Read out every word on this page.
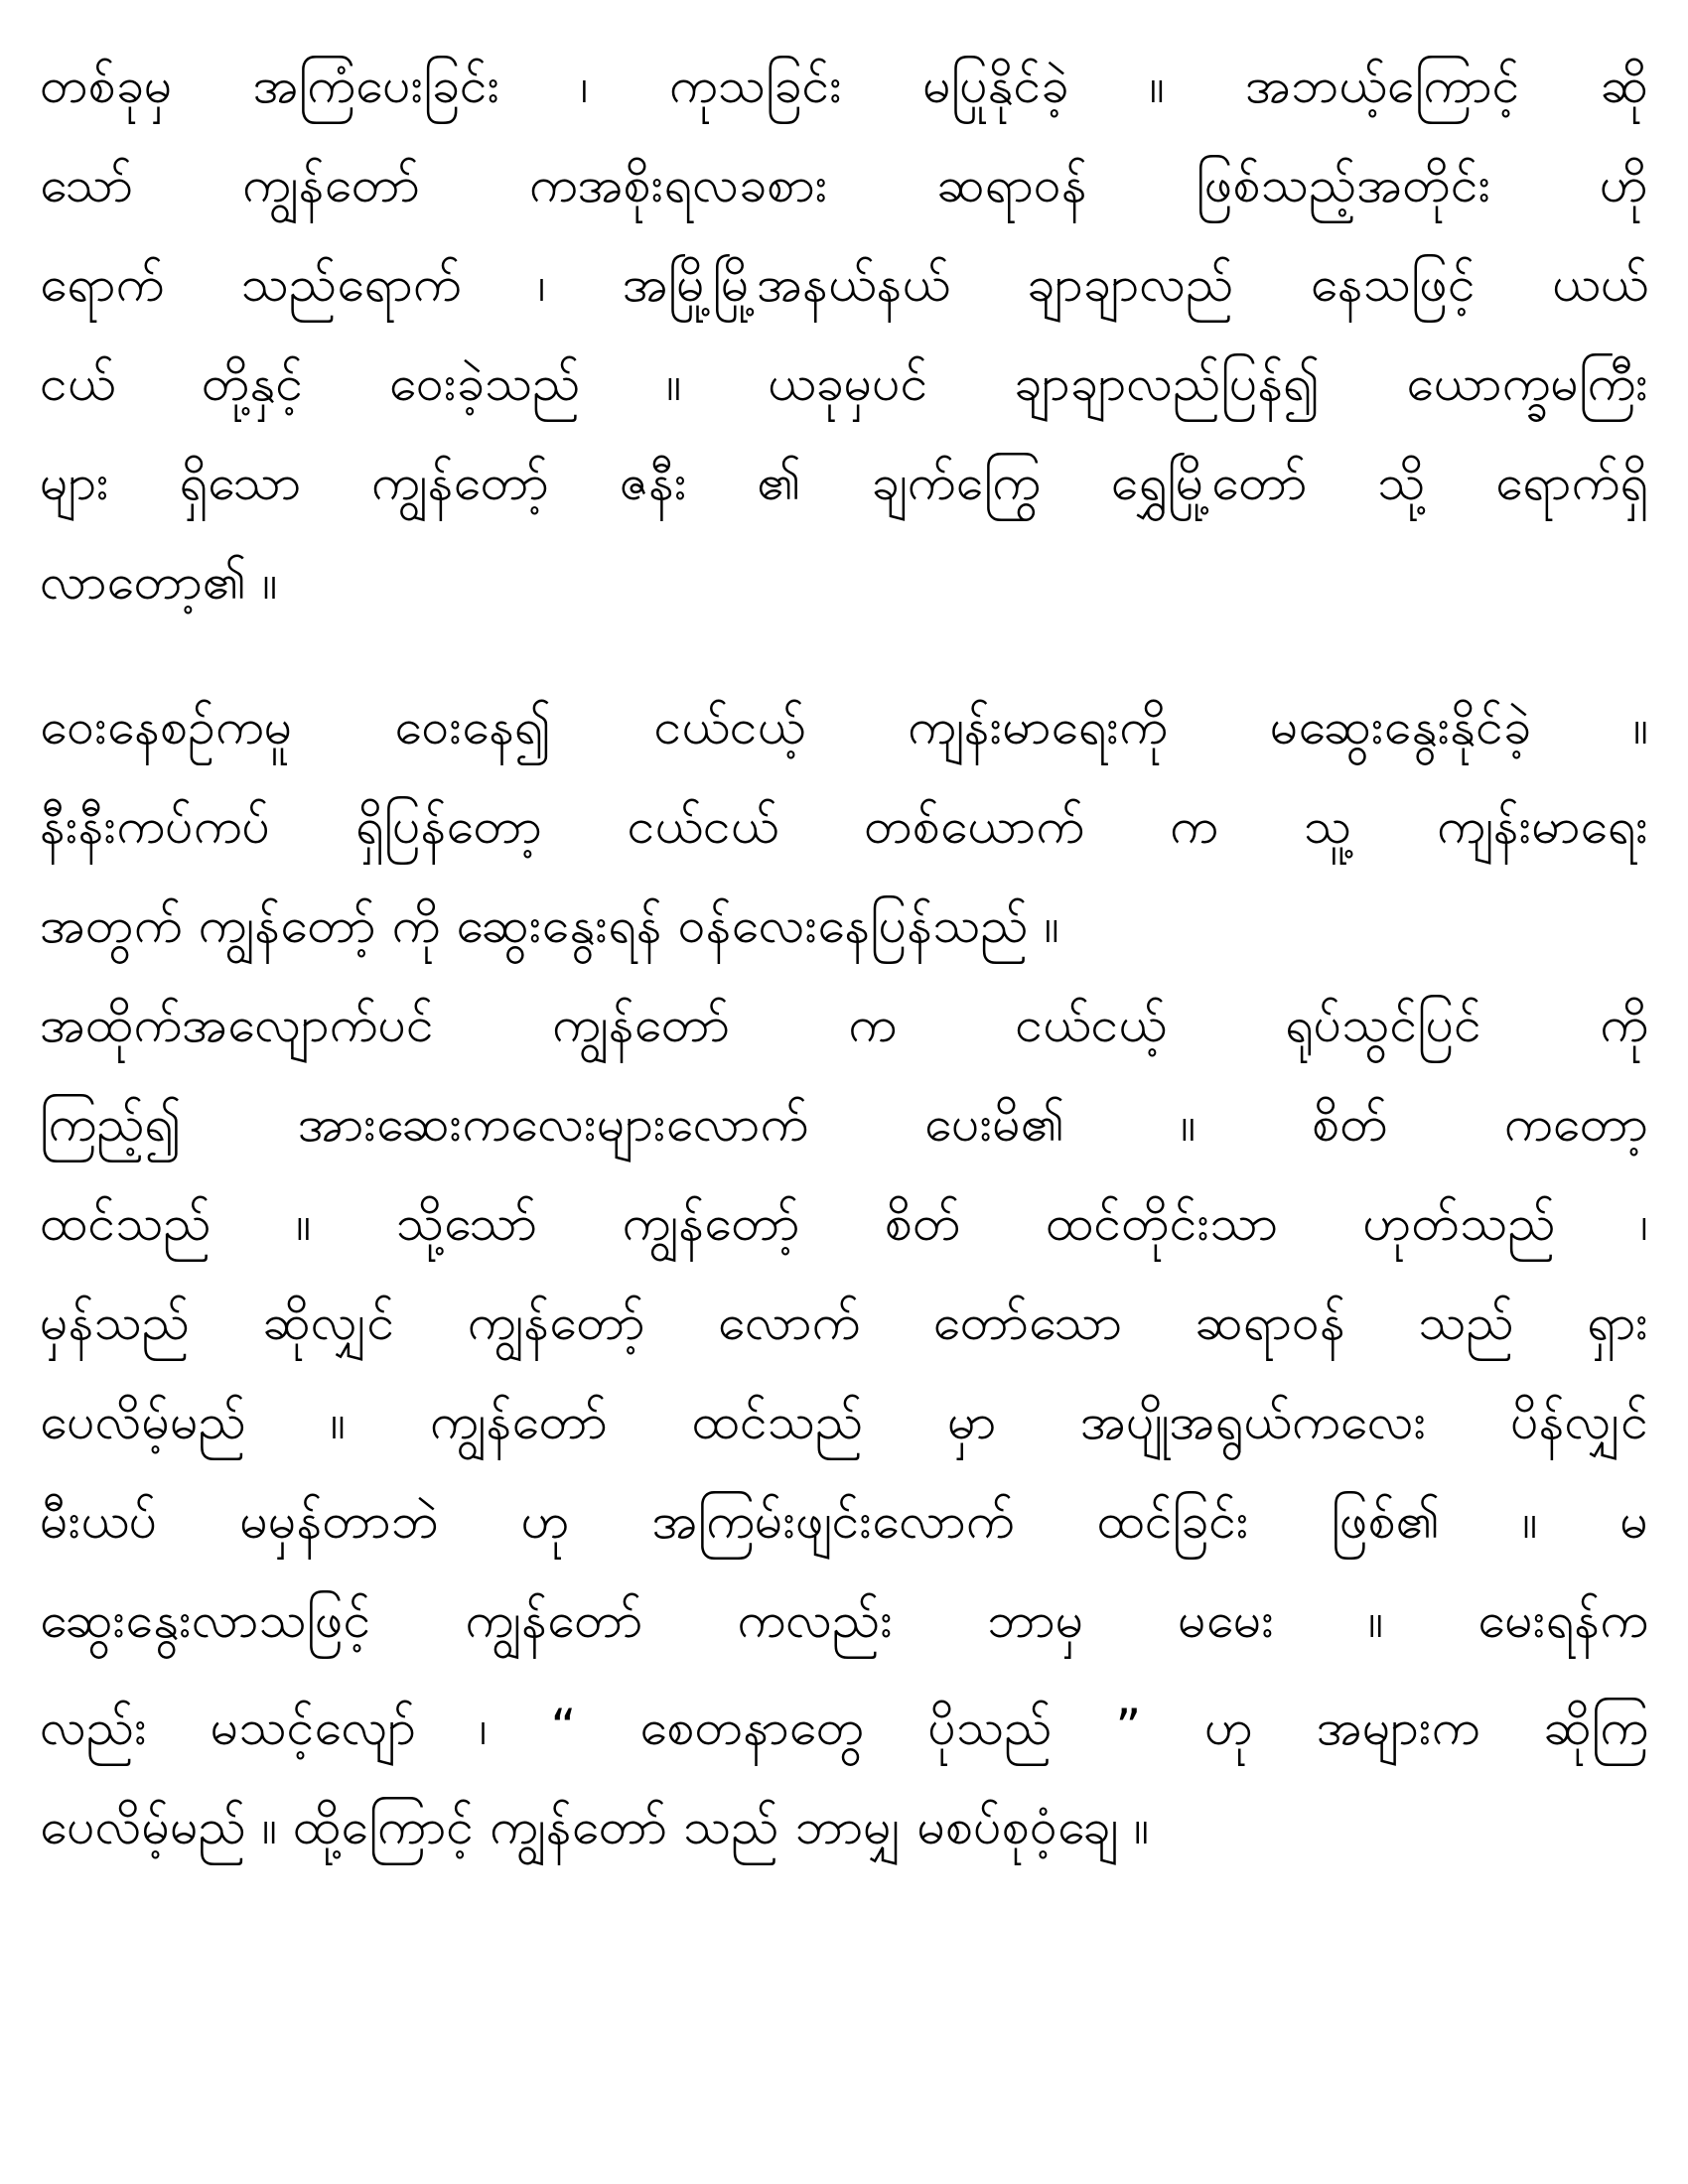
တစ်ခုမှ အကြံပေးခြင်း ၊ ကုသခြင်း မပြုနိုင်ခဲ့ ။ အဘယ့်ကြောင့် ဆို
သော် ကျွန်တော် ကအစိုးရလခစား ဆရာဝန် ဖြစ်သည့်အတိုင်း ဟို
ရောက် သည်ရောက် ၊ အမြို့မြို့အနယ်နယ် ချာချာလည် နေသဖြင့် ယယ်
ငယ် တို့နှင့် ဝေးခဲ့သည် ။ ယခုမှပင် ချာချာလည်ပြန်၍ ယောက္ခမကြီး
များ ရှိသော ကျွန်တော့် ဇနီး ၏ ချက်ကြွေ ရွှေမြို့တော် သို့ ရောက်ရှိ
လာတော့၏ ။
ဝေးနေစဉ်ကမူ ဝေးနေ၍ ငယ်ငယ့် ကျန်းမာရေးကို မဆွေးနွေးနိုင်ခဲ့ ။
နီးနီးကပ်ကပ် ရှိပြန်တော့ ငယ်ငယ် တစ်ယောက် က သူ့ ကျန်းမာရေး
အတွက် ကျွန်တော့် ကို ဆွေးနွေးရန် ဝန်လေးနေပြန်သည် ။
အထိုက်အလျောက်ပင် ကျွန်တော် က ငယ်ငယ့် ရုပ်သွင်ပြင် ကို
ကြည့်၍ အားဆေးကလေးများလောက် ပေးမိ၏ ။ စိတ် ကတော့
ထင်သည် ။ သို့သော် ကျွန်တော့် စိတ် ထင်တိုင်းသာ ဟုတ်သည် ၊
မှန်သည် ဆိုလျှင် ကျွန်တော့် လောက် တော်သော ဆရာဝန် သည် ရှား
ပေလိမ့်မည် ။ ကျွန်တော် ထင်သည် မှာ အပျိုအရွယ်ကလေး ပိန်လျှင်
မီးယပ် မမှန်တာဘဲ ဟု အကြမ်းဖျင်းလောက် ထင်ခြင်း ဖြစ်၏ ။ မ
ဆွေးနွေးလာသဖြင့် ကျွန်တော် ကလည်း ဘာမှ မမေး ။ မေးရန်က
လည်း မသင့်လျော် ၊ “ စေတနာတွေ ပိုသည် ” ဟု အများက ဆိုကြ
ပေလိမ့်မည် ။ ထို့ကြောင့် ကျွန်တော် သည် ဘာမျှ မစပ်စုဝံ့ချေ ။
